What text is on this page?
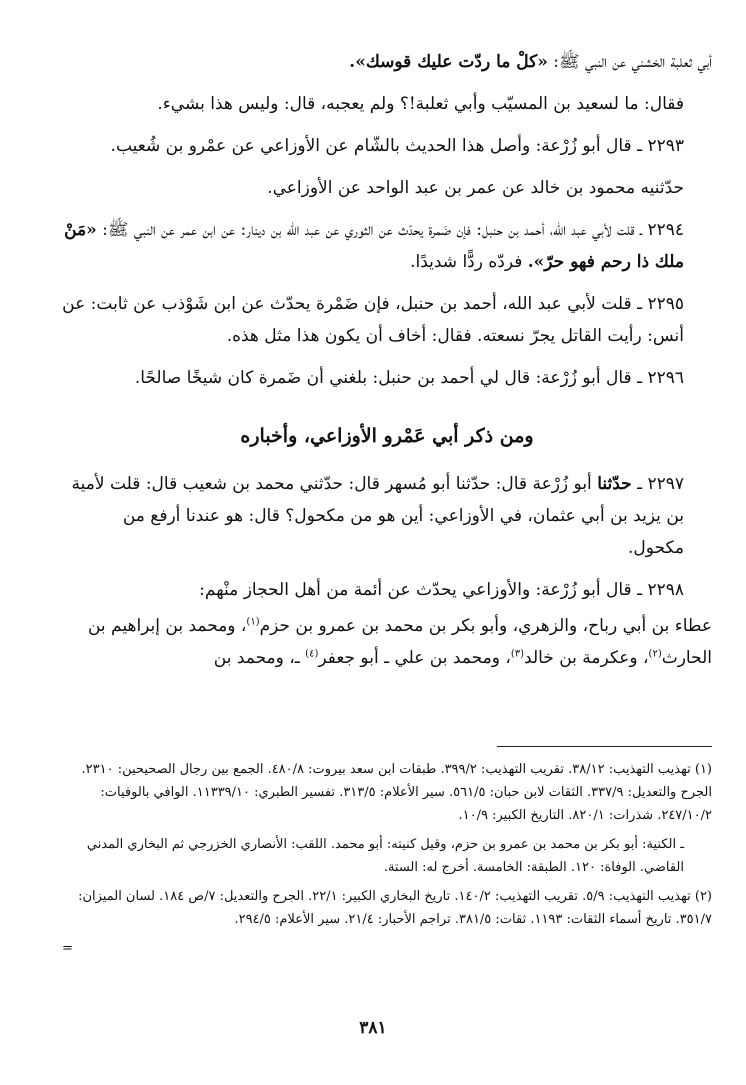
أبي ثعلبة الخشني عن النبي ﷺ: «كلْ ما ردّت عليك قوسك».

فقال: ما لسعيد بن المسيّب وأبي ثعلبة!؟ ولم يعجبه، قال: وليس هذا بشيء.

٢٢٩٣ ـ قال أبو زُرْعة: وأصل هذا الحديث بالشّام عن الأوزاعي عن عمْرو بن شُعيب.

حدّثنيه محمود بن خالد عن عمر بن عبد الواحد عن الأوزاعي.

٢٢٩٤ ـ قلت لأبي عبد الله، أحمد بن حنبل: فإن ضَمرة يحدّث عن الثوري عن عبد الله بن دينار: عن ابن عمر عن النبي ﷺ: «مَنْ ملك ذا رحم فهو حرّ». فردّه ردًّا شديدًا.

٢٢٩٥ ـ قلت لأبي عبد الله، أحمد بن حنبل، فإن ضَمْرة يحدّث عن ابن شَوْذب عن ثابت: عن أنس: رأيت القاتل يجرّ نسعته. فقال: أخاف أن يكون هذا مثل هذه.

٢٢٩٦ ـ قال أبو زُرْعة: قال لي أحمد بن حنبل: بلغني أن ضَمرة كان شيخًا صالحًا.

ومن ذكر أبي عَمْرو الأوزاعي، وأخباره

٢٢٩٧ ـ حدّثنا أبو زُرْعة قال: حدّثنا أبو مُسهر قال: حدّثني محمد بن شعيب قال: قلت لأمية بن يزيد بن أبي عثمان، في الأوزاعي: أين هو من مكحول؟ قال: هو عندنا أرفع من مكحول.

٢٢٩٨ ـ قال أبو زُرْعة: والأوزاعي يحدّث عن أئمة من أهل الحجاز منْهم:

عطاء بن أبي رباح، والزهري، وأبو بكر بن محمد بن عمرو بن حزم$^{(١)}$، ومحمد بن إبراهيم بن الحارث$^{(٢)}$، وعكرمة بن خالد$^{(٣)}$، ومحمد بن علي ـ أبو جعفر$^{(٤)}$ ـ، ومحمد بن

(١) تهذيب التهذيب: ٣٨/١٢. تقريب التهذيب: ٣٩٩/٢. طبقات ابن سعد بيروت: ٤٨٠/٨. الجمع بين رجال الصحيحين: ٢٣١٠. الجرح والتعديل: ٣٣٧/٩. الثقات لابن حبان: ٥٦١/٥. سير الأعلام: ٣١٣/٥. تفسير الطبري: ١١٣٣٩/١٠. الوافي بالوفيات: ٢٤٧/١٠/٢. شذرات: ٨٢٠/١. التاريخ الكبير: ١٠/٩.

ـ الكنية: أبو بكر بن محمد بن عمرو بن حزم، وقيل كنيته: أبو محمد. اللقب: الأنصاري الخزرجي ثم البخاري المدني القاضي. الوفاة: ١٢٠. الطبقة: الخامسة. أخرج له: الستة.

(٢) تهذيب التهذيب: ٥/٩. تقريب التهذيب: ١٤٠/٢. تاريخ البخاري الكبير: ٢٢/١. الجرح والتعديل: ٧/ص ١٨٤. لسان الميزان: ٣٥١/٧. تاريخ أسماء الثقات: ١١٩٣. ثقات: ٣٨١/٥. تراجم الأحبار: ٢١/٤. سير الأعلام: ٢٩٤/٥.

=

٣٨١
